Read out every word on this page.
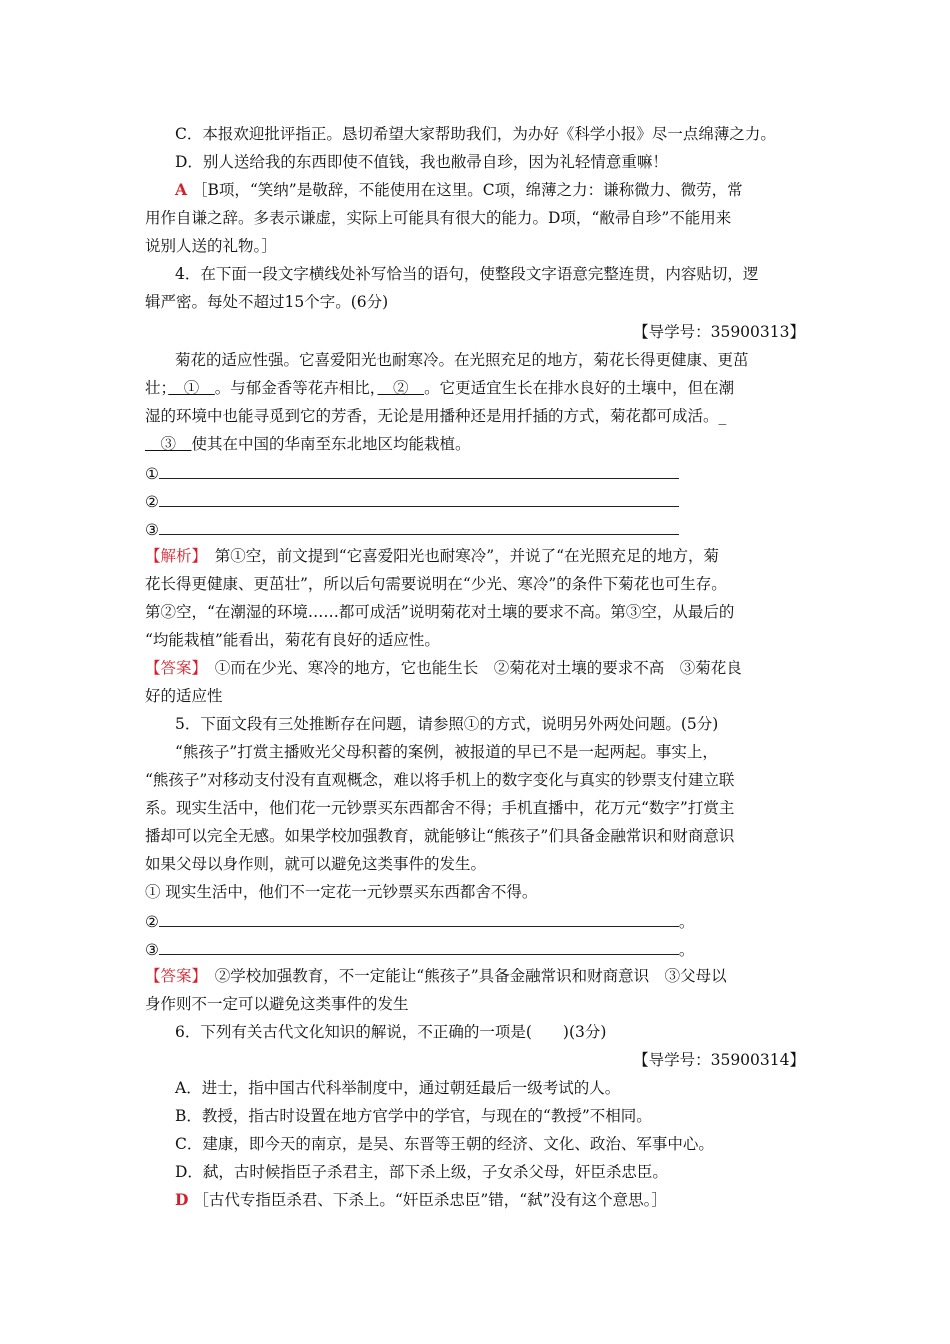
C．本报欢迎批评指正。恳切希望大家帮助我们，为办好《科学小报》尽一点绵薄之力。
D．别人送给我的东西即使不值钱，我也敝帚自珍，因为礼轻情意重嘛！
A ［B项，“笑纳”是敬辞，不能使用在这里。C项，绵薄之力：谦称微力、微劳，常
用作自谦之辞。多表示谦虚，实际上可能具有很大的能力。D项，“敝帚自珍”不能用来
说别人送的礼物。］
4．在下面一段文字横线处补写恰当的语句，使整段文字语意完整连贯，内容贴切，逻
辑严密。每处不超过15个字。(6分)
【导学号：35900313】
菊花的适应性强。它喜爱阳光也耐寒冷。在光照充足的地方，菊花长得更健康、更茁
壮；　①　。与郁金香等花卉相比，　②　。它更适宜生长在排水良好的土壤中，但在潮
湿的环境中也能寻觅到它的芳香，无论是用播种还是用扦插的方式，菊花都可成活。_
　③　使其在中国的华南至东北地区均能栽植。
①
②
③
【解析】　第①空，前文提到“它喜爱阳光也耐寒冷”，并说了“在光照充足的地方，菊
花长得更健康、更茁壮”，所以后句需要说明在“少光、寒冷”的条件下菊花也可生存。
第②空，“在潮湿的环境……都可成活”说明菊花对土壤的要求不高。第③空，从最后的
“均能栽植”能看出，菊花有良好的适应性。
【答案】　①而在少光、寒冷的地方，它也能生长　②菊花对土壤的要求不高　③菊花良
好的适应性
5．下面文段有三处推断存在问题，请参照①的方式，说明另外两处问题。(5分)
“熊孩子”打赏主播败光父母积蓄的案例，被报道的早已不是一起两起。事实上，
“熊孩子”对移动支付没有直观概念，难以将手机上的数字变化与真实的钞票支付建立联
系。现实生活中，他们花一元钞票买东西都舍不得；手机直播中，花万元“数字”打赏主
播却可以完全无感。如果学校加强教育，就能够让“熊孩子”们具备金融常识和财商意识
如果父母以身作则，就可以避免这类事件的发生。
① 现实生活中，他们不一定花一元钞票买东西都舍不得。
②	。
③	。
【答案】　②学校加强教育，不一定能让“熊孩子”具备金融常识和财商意识　③父母以
身作则不一定可以避免这类事件的发生
6．下列有关古代文化知识的解说，不正确的一项是(　　)(3分)
【导学号：35900314】
A．进士，指中国古代科举制度中，通过朝廷最后一级考试的人。
B．教授，指古时设置在地方官学中的学官，与现在的“教授”不相同。
C．建康，即今天的南京，是吴、东晋等王朝的经济、文化、政治、军事中心。
D．弑，古时候指臣子杀君主，部下杀上级，子女杀父母，奸臣杀忠臣。
D ［古代专指臣杀君、下杀上。“奸臣杀忠臣”错，“弑”没有这个意思。］
